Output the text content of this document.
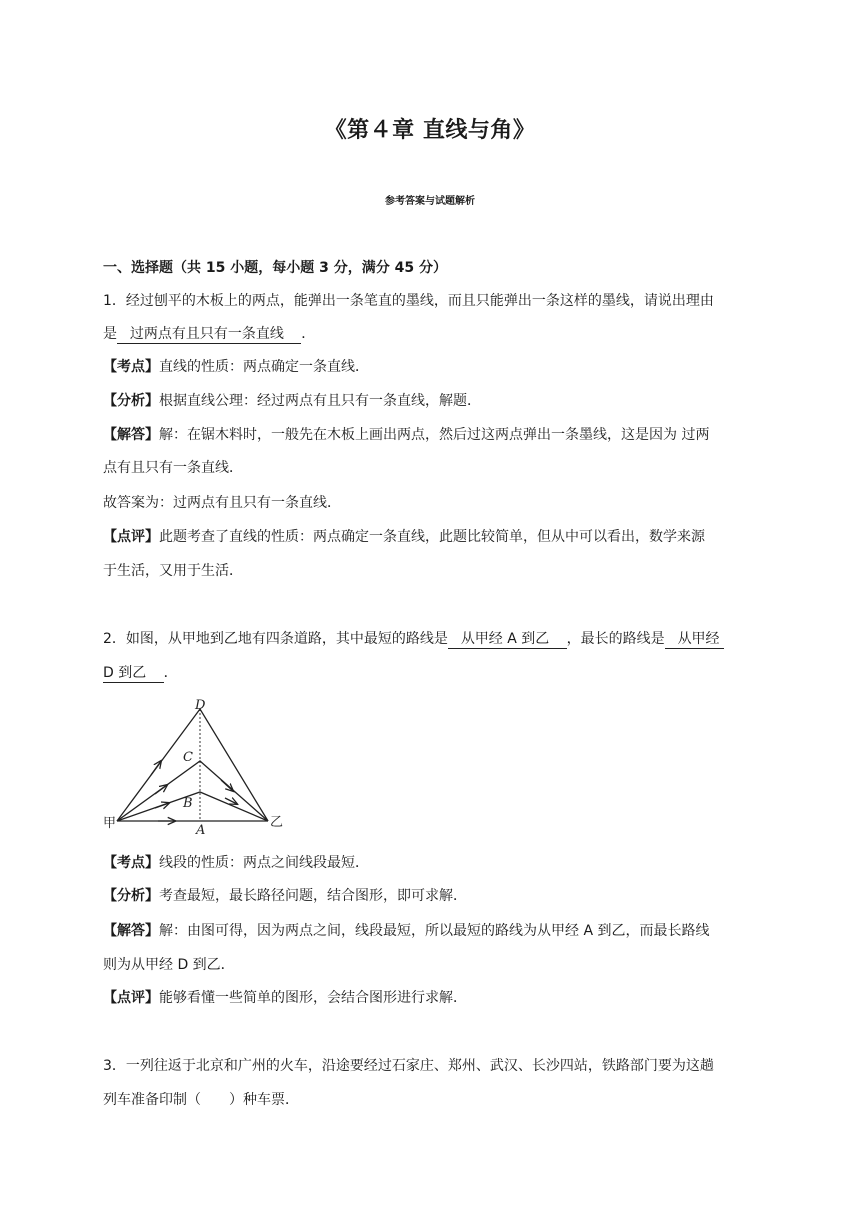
《第４章 直线与角》
参考答案与试题解析
一、选择题（共 15 小题，每小题 3 分，满分 45 分）
1．经过刨平的木板上的两点，能弹出一条笔直的墨线，而且只能弹出一条这样的墨线，请说出理由
是 过两点有且只有一条直线 ．
【考点】直线的性质：两点确定一条直线．
【分析】根据直线公理：经过两点有且只有一条直线，解题．
【解答】解：在锯木料时，一般先在木板上画出两点，然后过这两点弹出一条墨线，这是因为 过两
点有且只有一条直线．
故答案为：过两点有且只有一条直线．
【点评】此题考查了直线的性质：两点确定一条直线，此题比较简单，但从中可以看出，数学来源
于生活，又用于生活．
2．如图，从甲地到乙地有四条道路，其中最短的路线是 从甲经 A 到乙 ，最长的路线是 从甲经
D 到乙 ．
D
C
B
A
甲	乙
【考点】线段的性质：两点之间线段最短．
【分析】考查最短，最长路径问题，结合图形，即可求解．
【解答】解：由图可得，因为两点之间，线段最短，所以最短的路线为从甲经 A 到乙，而最长路线
则为从甲经 D 到乙．
【点评】能够看懂一些简单的图形，会结合图形进行求解．
3．一列往返于北京和广州的火车，沿途要经过石家庄、郑州、武汉、长沙四站，铁路部门要为这趟
列车准备印制（　　）种车票．
